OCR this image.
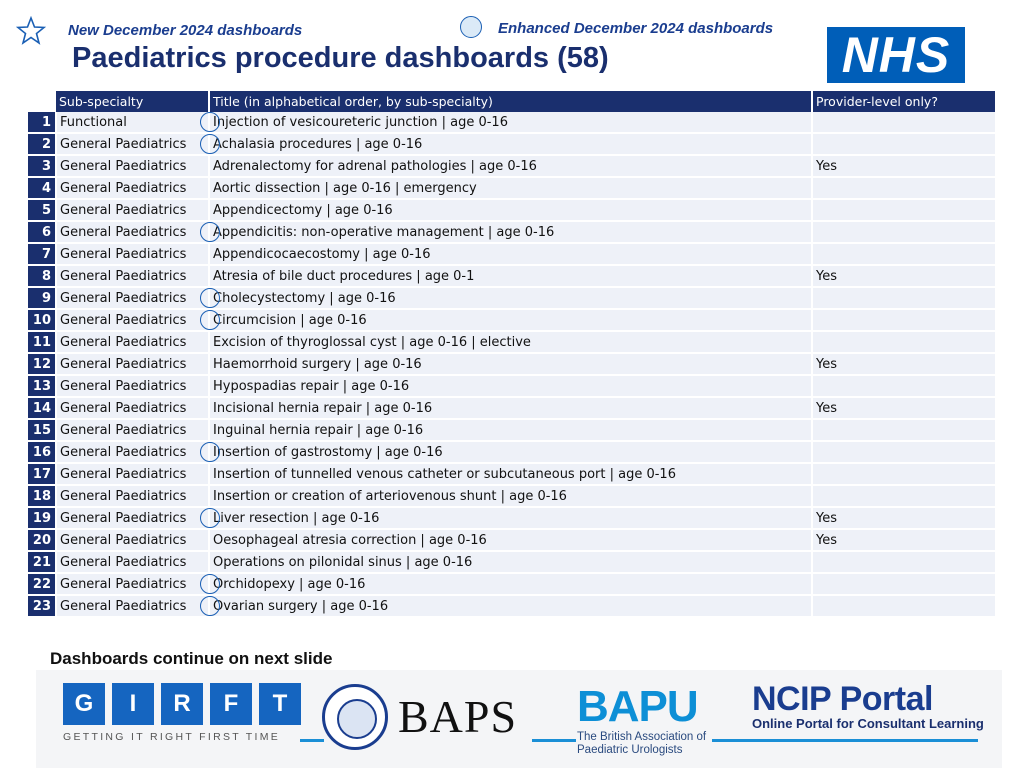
New December 2024 dashboards	Enhanced December 2024 dashboards
Paediatrics procedure dashboards (58)	NHS
	Sub-specialty	Title (in alphabetical order, by sub-specialty)	Provider-level only?
1	Functional	Injection of vesicoureteric junction | age 0-16	
2	General Paediatrics	Achalasia procedures | age 0-16	
3	General Paediatrics	Adrenalectomy for adrenal pathologies | age 0-16	Yes
4	General Paediatrics	Aortic dissection | age 0-16 | emergency	
5	General Paediatrics	Appendicectomy | age 0-16	
6	General Paediatrics	Appendicitis: non-operative management | age 0-16	
7	General Paediatrics	Appendicocaecostomy | age 0-16	
8	General Paediatrics	Atresia of bile duct procedures | age 0-1	Yes
9	General Paediatrics	Cholecystectomy | age 0-16	
10	General Paediatrics	Circumcision | age 0-16	
11	General Paediatrics	Excision of thyroglossal cyst | age 0-16 | elective	
12	General Paediatrics	Haemorrhoid surgery | age 0-16	Yes
13	General Paediatrics	Hypospadias repair | age 0-16	
14	General Paediatrics	Incisional hernia repair | age 0-16	Yes
15	General Paediatrics	Inguinal hernia repair | age 0-16	
16	General Paediatrics	Insertion of gastrostomy | age 0-16	
17	General Paediatrics	Insertion of tunnelled venous catheter or subcutaneous port | age 0-16	
18	General Paediatrics	Insertion or creation of arteriovenous shunt | age 0-16	
19	General Paediatrics	Liver resection | age 0-16	Yes
20	General Paediatrics	Oesophageal atresia correction | age 0-16	Yes
21	General Paediatrics	Operations on pilonidal sinus | age 0-16	
22	General Paediatrics	Orchidopexy | age 0-16	
23	General Paediatrics	Ovarian surgery | age 0-16	
Dashboards continue on next slide
G	I	R	F	T
GETTING IT RIGHT FIRST TIME	BAPS BAPU
The British Association of
Paediatric Urologists
NCIP Portal
Online Portal for Consultant Learning
